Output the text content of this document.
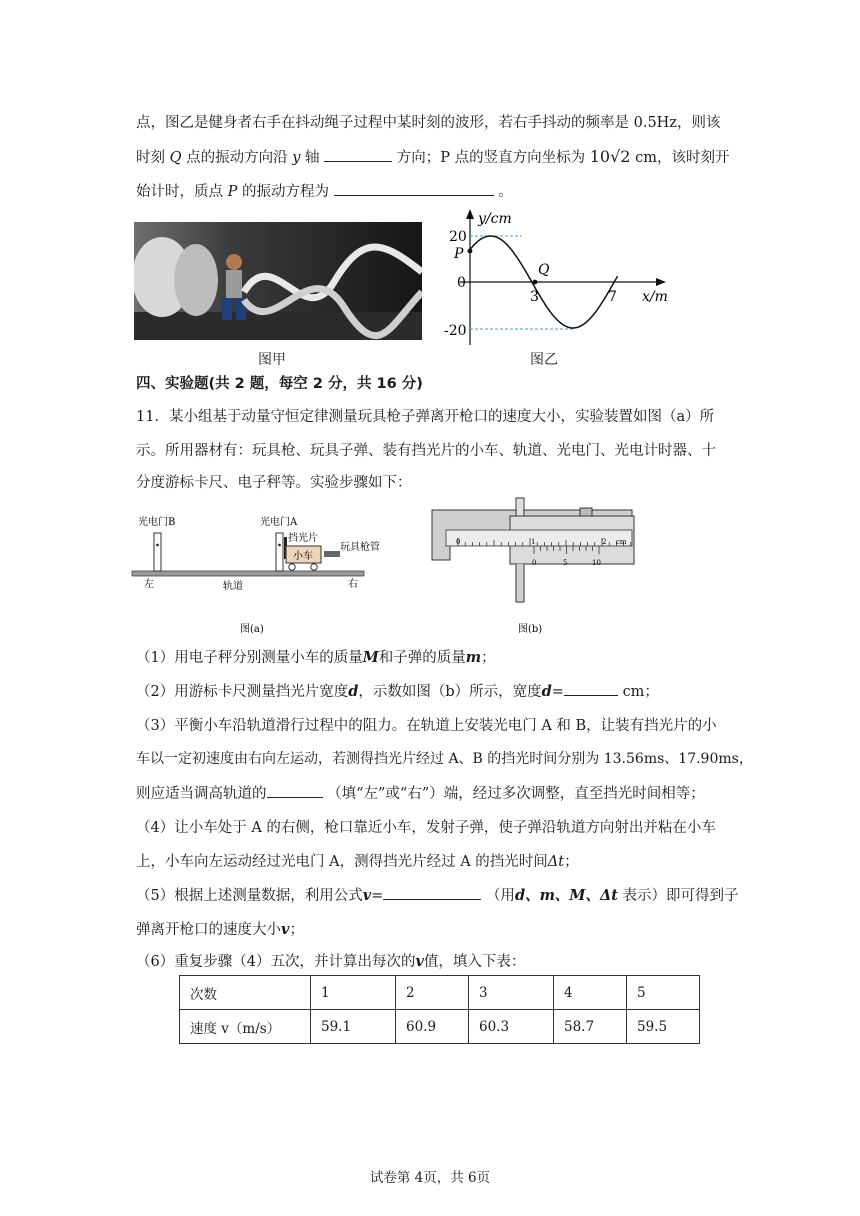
点，图乙是健身者右手在抖动绳子过程中某时刻的波形，若右手抖动的频率是 0.5Hz，则该
时刻 Q 点的振动方向沿 y 轴	方向；P 点的竖直方向坐标为 10√2 cm，该时刻开
始计时，质点 P 的振动方程为	。
图甲
y/cm
x/m
20
0
-20
3	7
P
Q
图乙
四、实验题(共 2 题，每空 2 分，共 16 分)
11．某小组基于动量守恒定律测量玩具枪子弹离开枪口的速度大小，实验装置如图（a）所
示。所用器材有：玩具枪、玩具子弹、装有挡光片的小车、轨道、光电门、光电计时器、十
分度游标卡尺、电子秤等。实验步骤如下：
光电门B	光电门A
挡光片
小车
玩具枪管
左	轨道	右
图(a)
0	1	2 cm
0	5	10
图(b)
（1）用电子秤分别测量小车的质量M和子弹的质量m；
（2）用游标卡尺测量挡光片宽度d，示数如图（b）所示，宽度d=	cm；
（3）平衡小车沿轨道滑行过程中的阻力。在轨道上安装光电门 A 和 B，让装有挡光片的小
车以一定初速度由右向左运动，若测得挡光片经过 A、B 的挡光时间分别为 13.56ms、17.90ms，
则应适当调高轨道的	（填“左”或“右”）端，经过多次调整，直至挡光时间相等；
（4）让小车处于 A 的右侧，枪口靠近小车，发射子弹，使子弹沿轨道方向射出并粘在小车
上，小车向左运动经过光电门 A，测得挡光片经过 A 的挡光时间Δt；
（5）根据上述测量数据，利用公式v=	（用d、m、M、Δt 表示）即可得到子
弹离开枪口的速度大小v；
（6）重复步骤（4）五次，并计算出每次的v值，填入下表：
次数	1	2	3	4	5
速度 v（m/s）	59.1	60.9	60.3	58.7	59.5
试卷第 4页，共 6页
